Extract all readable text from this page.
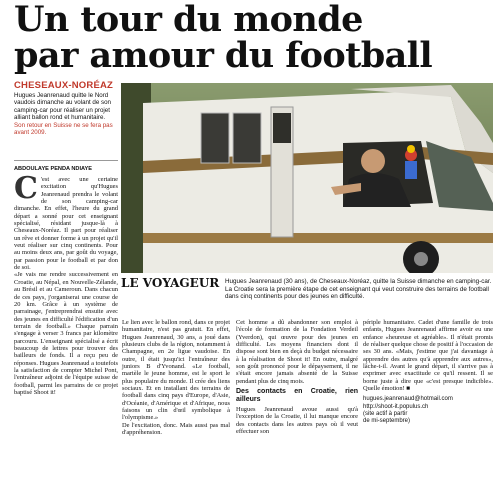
Un tour du monde
par amour du football
CHESEAUX-NORÉAZ
Hugues Jeanrenaud quitte le Nord vaudois dimanche au volant de son camping-car pour réaliser un projet alliant ballon rond et humanitaire.
Son retour en Suisse ne se fera pas avant 2009.
ABDOULAYE PENDA NDIAYE

C 'est avec une certaine excitation qu'Hugues Jeanrenaud prendra le volant de son camping-car dimanche. En effet, l'heure du grand départ a sonné pour cet enseignant spécialisé, résidant jusque-là à Cheseaux-Noréaz. Il part pour réaliser un rêve et donner forme à un projet qu'il veut réaliser sur cinq continents. Pour au moins deux ans, par goût du voyage, par passion pour le football et par don de soi.

«Je vais me rendre successivement en Croatie, au Népal, en Nouvelle-Zélande, au Brésil et au Cameroun. Dans chacun de ces pays, j'organiserai une course de 20 km. Grâce à un système de parrainage, j'entreprendrai ensuite avec des jeunes en difficulté l'édification d'un terrain de football.» Chaque parrain s'engage à verser 3 francs par kilomètre parcouru. L'enseignant spécialisé a écrit beaucoup de lettres pour trouver des bailleurs de fonds. Il a reçu peu de réponses. Hugues Jeanrenaud a toutefois la satisfaction de compter Michel Pont, l'entraîneur adjoint de l'équipe suisse de football, parmi les parrains de ce projet baptisé Shoot it!

LE VOYAGEUR Hugues Jeanrenaud (30 ans), de Cheseaux-Noréaz, quitte la Suisse dimanche en camping-car. La Croatie sera la première étape de cet enseignant qui veut construire des terrains de football dans cinq continents pour des jeunes en difficulté.

Le lien avec le ballon rond, dans ce projet humanitaire, n'est pas gratuit. En effet, Hugues Jeanrenaud, 30 ans, a joué dans plusieurs clubs de la région, notamment à Champagne, en 2e ligue vaudoise. En outre, il était jusqu'ici l'entraîneur des juniors B d'Yvonand. «Le football, martèle le jeune homme, est le sport le plus populaire du monde. Il crée des liens sociaux. Et en installant des terrains de football dans cinq pays d'Europe, d'Asie, d'Océanie, d'Amérique et d'Afrique, nous faisons un clin d'œil symbolique à l'olympisme.»

De l'excitation, donc. Mais aussi pas mal d'appréhension.

Cet homme a dû abandonner son emploi à l'école de formation de la Fondation Verdeil (Yverdon), qui œuvre pour des jeunes en difficulté. Les moyens financiers dont il dispose sont bien en deçà du budget nécessaire à la réalisation de Shoot it! En outre, malgré son goût prononcé pour le dépaysement, il ne s'était encore jamais absenté de la Suisse pendant plus de cinq mois.

Des contacts en Croatie, rien ailleurs

Hugues Jeanrenaud avoue aussi qu'à l'exception de la Croatie, il lui manque encore des contacts dans les autres pays où il veut effectuer son

périple humanitaire. Cadet d'une famille de trois enfants, Hugues Jeanrenaud affirme avoir eu une enfance «heureuse et agréable». Il n'était promis de réaliser quelque chose de positif à l'occasion de ses 30 ans. «Mais, j'estime que j'ai davantage à apprendre des autres qu'à apprendre aux autres», lâche-t-il. Avant le grand départ, il s'arrive pas à exprimer avec exactitude ce qu'il ressent. Il se borne juste à dire que «c'est presque indicible». Quelle émotion! ■

hugues.jeanrenaud@hotmail.com
http://shoot-it.populus.ch
(site actif à partir
de mi-septembre)
